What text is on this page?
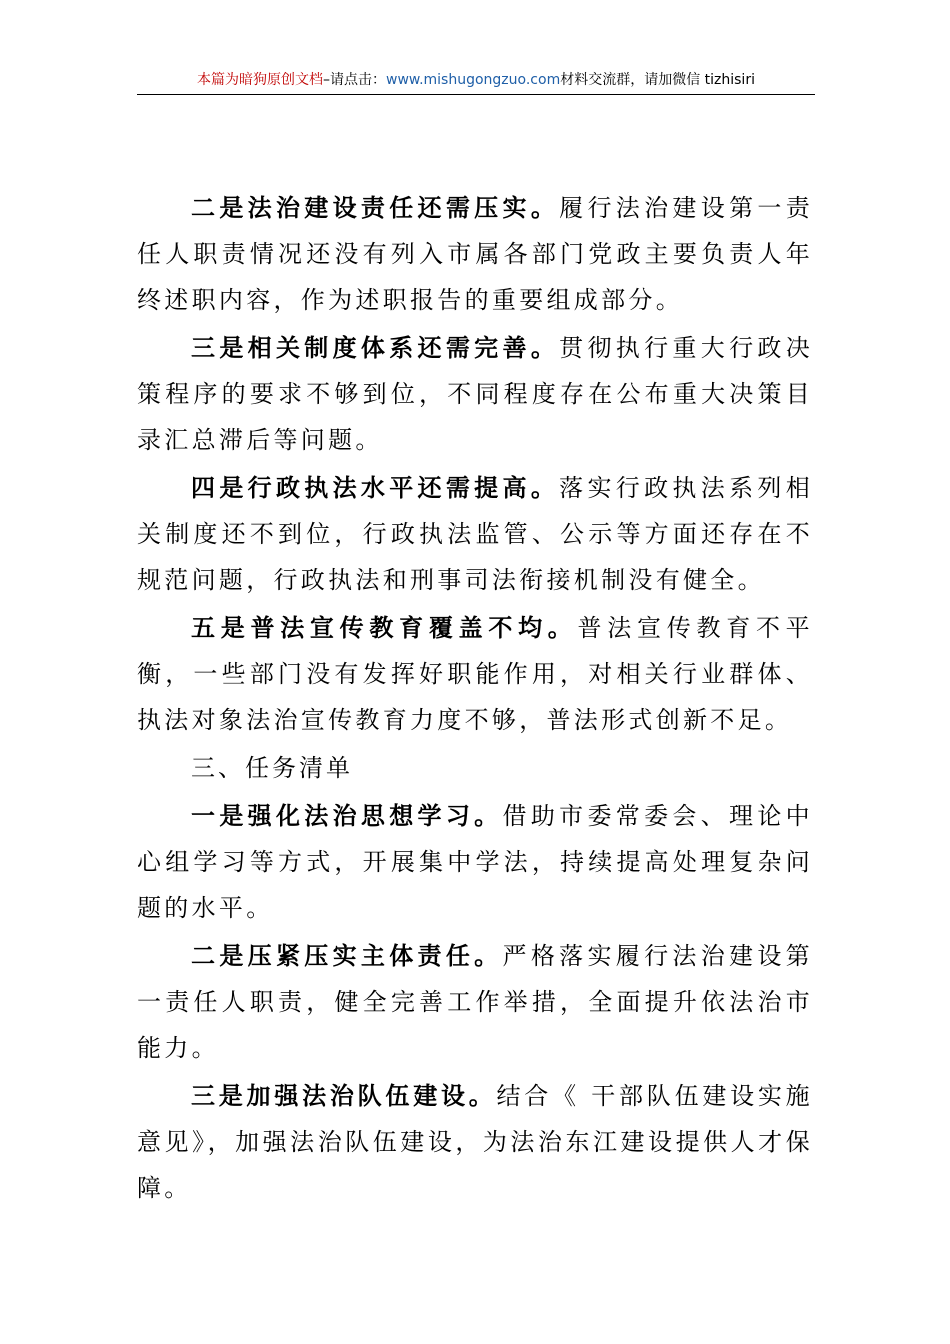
本篇为暗狗原创文档–请点击：www.mishugongzuo.com材料交流群，请加微信 tizhisiri

二是法治建设责任还需压实。履行法治建设第一责任人职责情况还没有列入市属各部门党政主要负责人年终述职内容，作为述职报告的重要组成部分。

三是相关制度体系还需完善。贯彻执行重大行政决策程序的要求不够到位，不同程度存在公布重大决策目录汇总滞后等问题。

四是行政执法水平还需提高。落实行政执法系列相关制度还不到位，行政执法监管、公示等方面还存在不规范问题，行政执法和刑事司法衔接机制没有健全。

五是普法宣传教育覆盖不均。普法宣传教育不平衡，一些部门没有发挥好职能作用，对相关行业群体、执法对象法治宣传教育力度不够，普法形式创新不足。

三、任务清单

一是强化法治思想学习。借助市委常委会、理论中心组学习等方式，开展集中学法，持续提高处理复杂问题的水平。

二是压紧压实主体责任。严格落实履行法治建设第一责任人职责，健全完善工作举措，全面提升依法治市能力。

三是加强法治队伍建设。结合《 干部队伍建设实施意见》，加强法治队伍建设，为法治东江建设提供人才保障。
